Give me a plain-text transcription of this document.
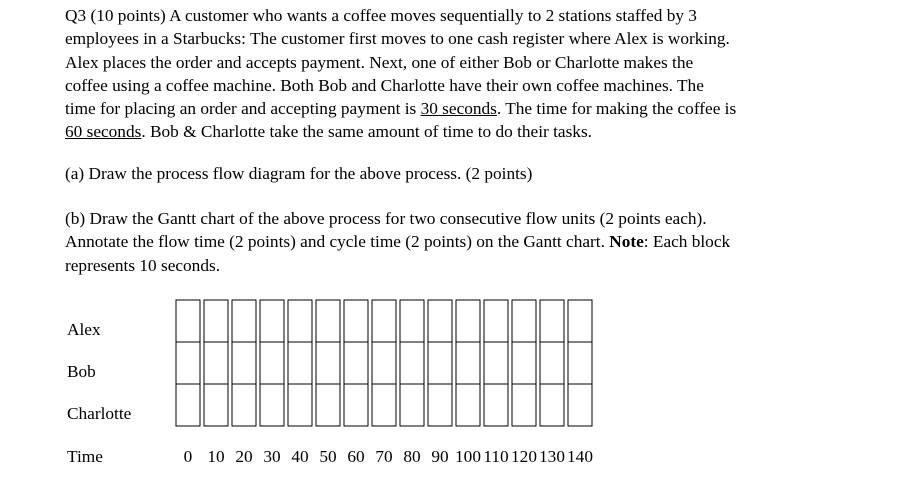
Q3 (10 points) A customer who wants a coffee moves sequentially to 2 stations staffed by 3
employees in a Starbucks: The customer first moves to one cash register where Alex is working.
Alex places the order and accepts payment. Next, one of either Bob or Charlotte makes the
coffee using a coffee machine. Both Bob and Charlotte have their own coffee machines. The
time for placing an order and accepting payment is 30 seconds. The time for making the coffee is
60 seconds. Bob & Charlotte take the same amount of time to do their tasks.
(a) Draw the process flow diagram for the above process. (2 points)
(b) Draw the Gantt chart of the above process for two consecutive flow units (2 points each).
Annotate the flow time (2 points) and cycle time (2 points) on the Gantt chart. Note: Each block
represents 10 seconds.
Alex
Bob
Charlotte
Time	0 10 20 30 40 50 60 70 80 90 100 110 120 130 140
